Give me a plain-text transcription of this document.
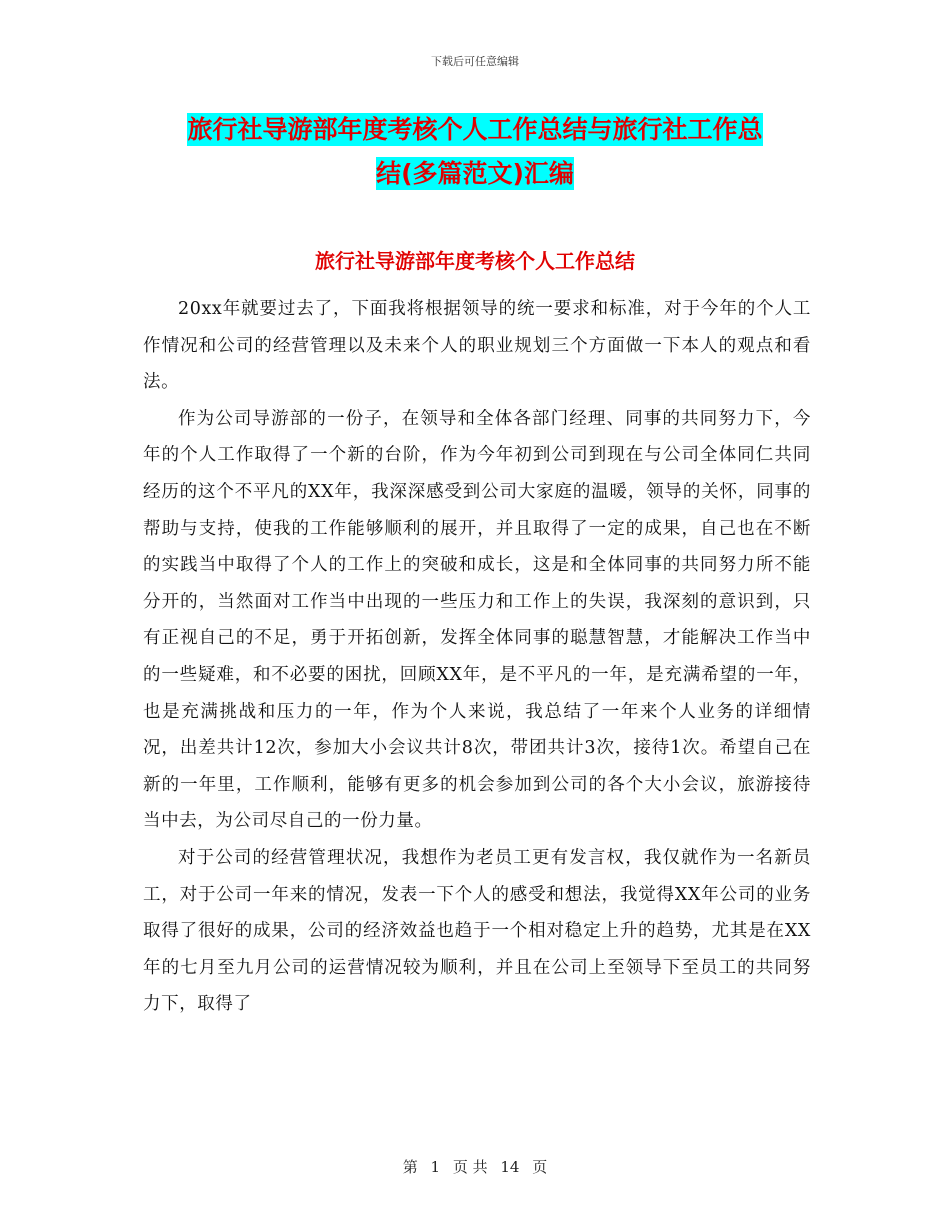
下载后可任意编辑
旅行社导游部年度考核个人工作总结与旅行社工作总
结(多篇范文)汇编
旅行社导游部年度考核个人工作总结

20xx年就要过去了，下面我将根据领导的统一要求和标准，对于今年的个人工作情况和公司的经营管理以及未来个人的职业规划三个方面做一下本人的观点和看法。

作为公司导游部的一份子，在领导和全体各部门经理、同事的共同努力下，今年的个人工作取得了一个新的台阶，作为今年初到公司到现在与公司全体同仁共同经历的这个不平凡的XX年，我深深感受到公司大家庭的温暖，领导的关怀，同事的帮助与支持，使我的工作能够顺利的展开，并且取得了一定的成果，自己也在不断的实践当中取得了个人的工作上的突破和成长，这是和全体同事的共同努力所不能分开的，当然面对工作当中出现的一些压力和工作上的失误，我深刻的意识到，只有正视自己的不足，勇于开拓创新，发挥全体同事的聪慧智慧，才能解决工作当中的一些疑难，和不必要的困扰，回顾XX年，是不平凡的一年，是充满希望的一年，也是充满挑战和压力的一年，作为个人来说，我总结了一年来个人业务的详细情况，出差共计12次，参加大小会议共计8次，带团共计3次，接待1次。希望自己在新的一年里，工作顺利，能够有更多的机会参加到公司的各个大小会议，旅游接待当中去，为公司尽自己的一份力量。

对于公司的经营管理状况，我想作为老员工更有发言权，我仅就作为一名新员工，对于公司一年来的情况，发表一下个人的感受和想法，我觉得XX年公司的业务取得了很好的成果，公司的经济效益也趋于一个相对稳定上升的趋势，尤其是在XX年的七月至九月公司的运营情况较为顺利，并且在公司上至领导下至员工的共同努力下，取得了

第 1 页 共 14 页
